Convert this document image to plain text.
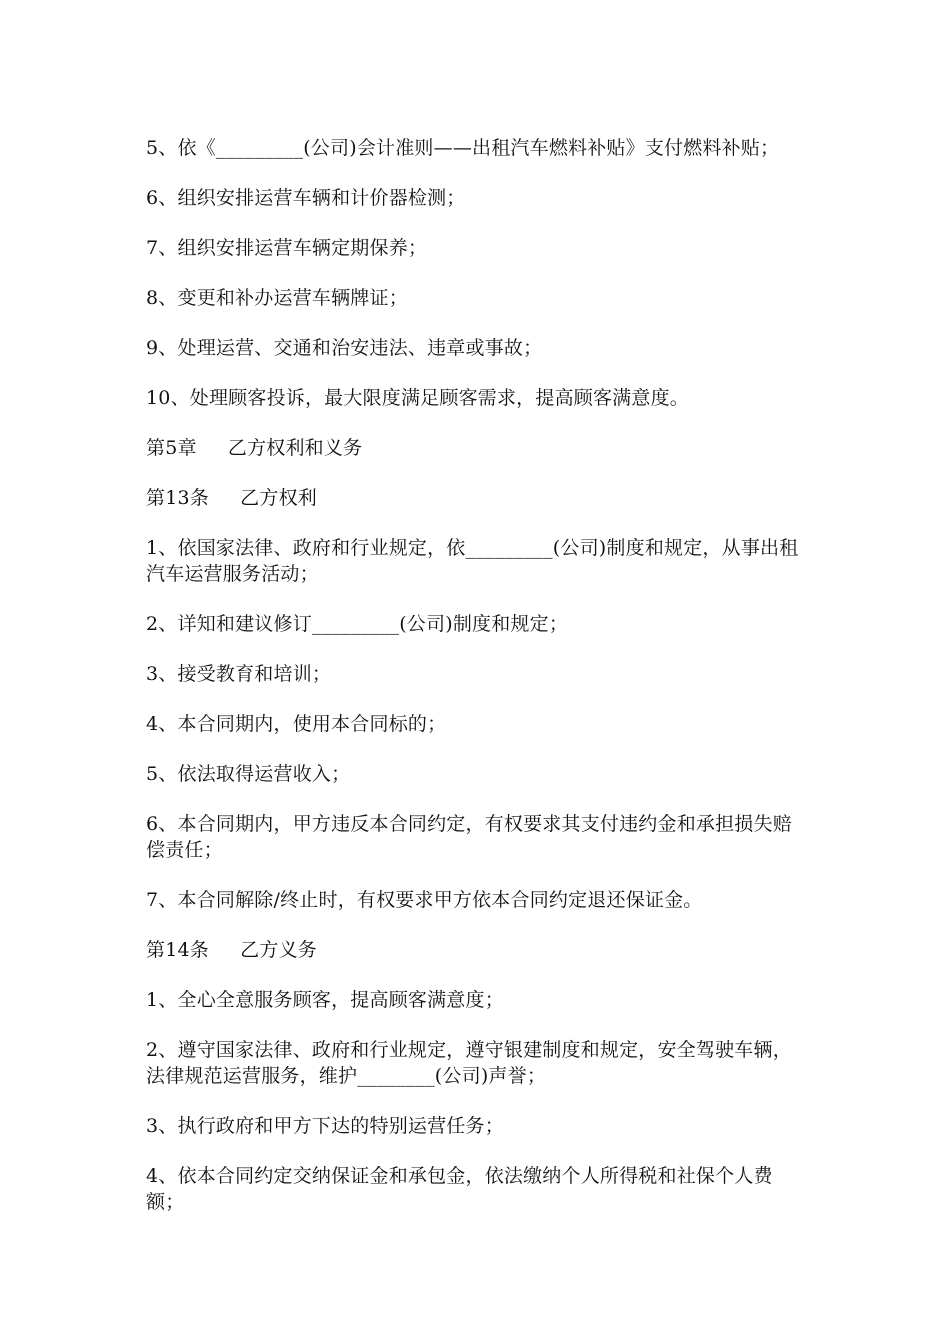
5、依《_________(公司)会计准则——出租汽车燃料补贴》支付燃料补贴；

6、组织安排运营车辆和计价器检测；

7、组织安排运营车辆定期保养；

8、变更和补办运营车辆牌证；

9、处理运营、交通和治安违法、违章或事故；

10、处理顾客投诉，最大限度满足顾客需求，提高顾客满意度。

第5章     乙方权利和义务

第13条     乙方权利

1、依国家法律、政府和行业规定，依_________(公司)制度和规定，从事出租汽车运营服务活动；

2、详知和建议修订_________(公司)制度和规定；

3、接受教育和培训；

4、本合同期内，使用本合同标的；

5、依法取得运营收入；

6、本合同期内，甲方违反本合同约定，有权要求其支付违约金和承担损失赔偿责任；

7、本合同解除/终止时，有权要求甲方依本合同约定退还保证金。

第14条     乙方义务

1、全心全意服务顾客，提高顾客满意度；

2、遵守国家法律、政府和行业规定，遵守银建制度和规定，安全驾驶车辆，法律规范运营服务，维护________(公司)声誉；

3、执行政府和甲方下达的特别运营任务；

4、依本合同约定交纳保证金和承包金，依法缴纳个人所得税和社保个人费额；
